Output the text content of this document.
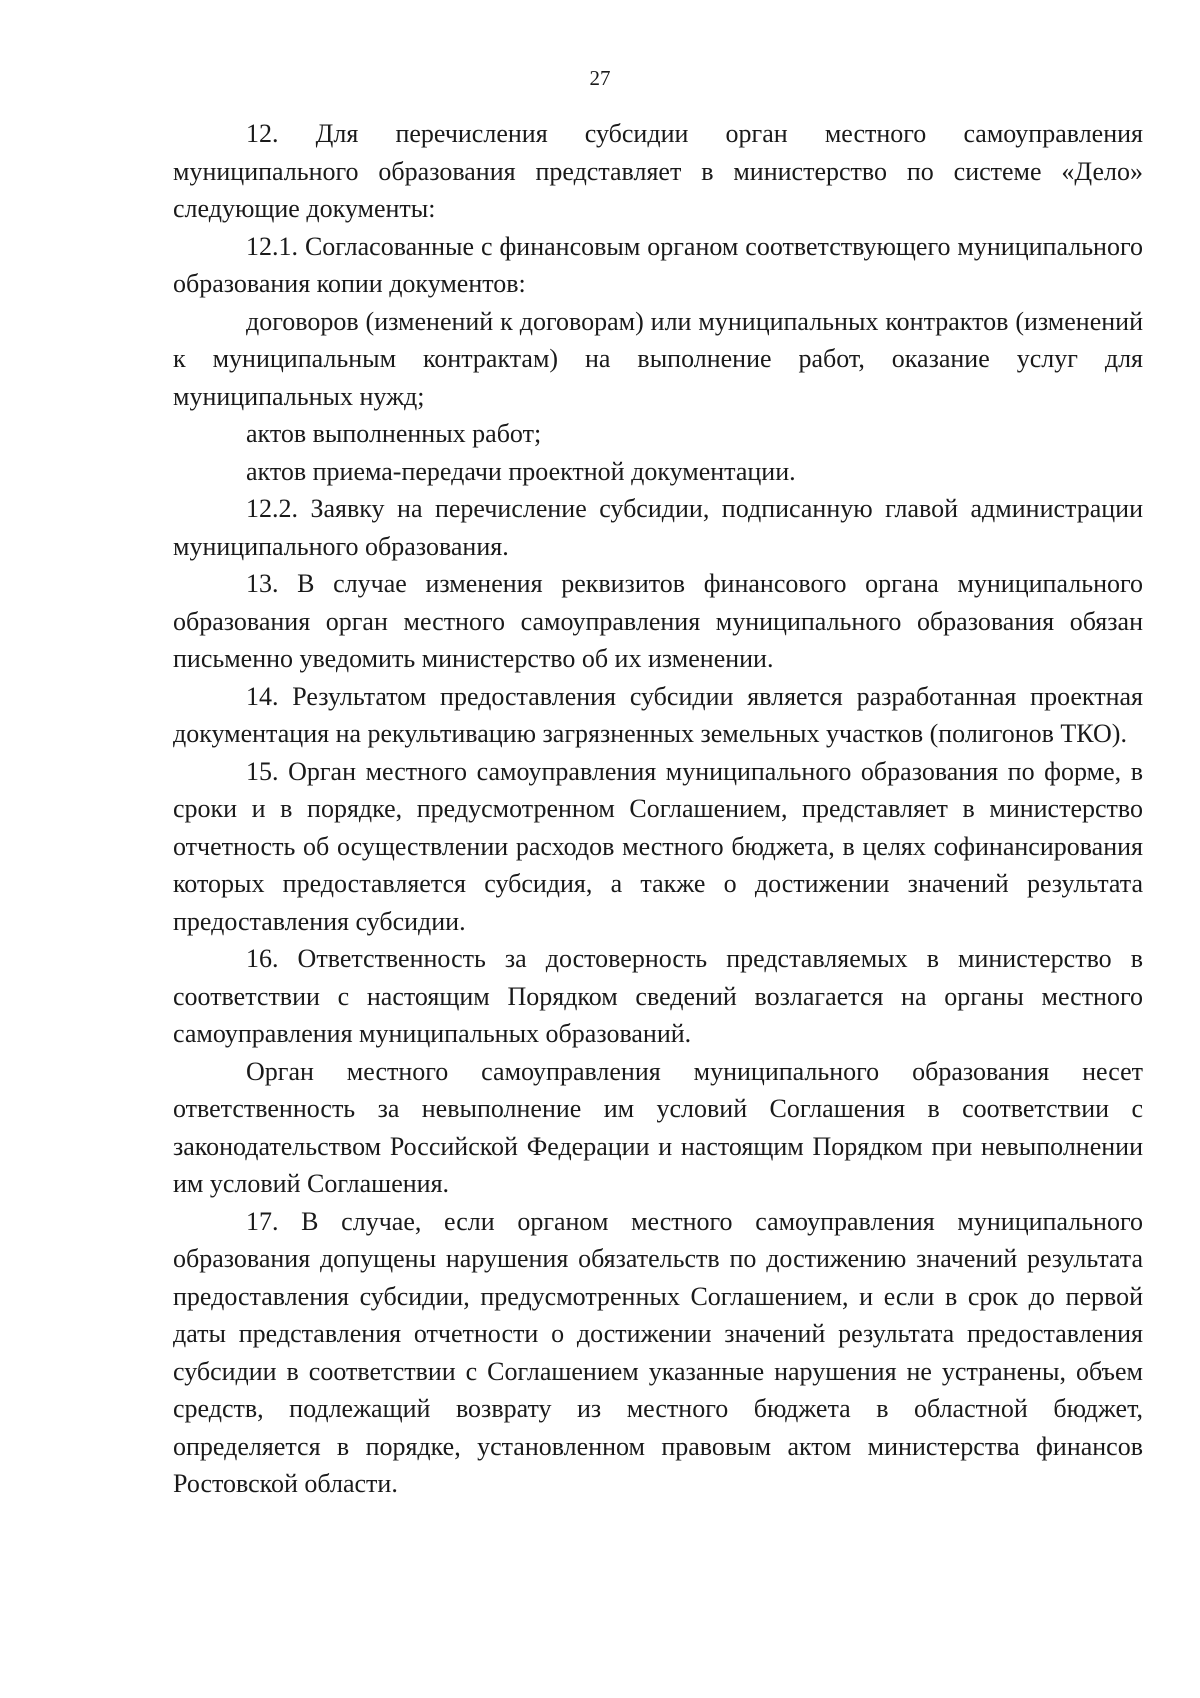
27

12. Для перечисления субсидии орган местного самоуправления муниципального образования представляет в министерство по системе «Дело» следующие документы:

12.1. Согласованные с финансовым органом соответствующего муниципального образования копии документов:

договоров (изменений к договорам) или муниципальных контрактов (изменений к муниципальным контрактам) на выполнение работ, оказание услуг для муниципальных нужд;

актов выполненных работ;

актов приема-передачи проектной документации.

12.2. Заявку на перечисление субсидии, подписанную главой администрации муниципального образования.

13. В случае изменения реквизитов финансового органа муниципального образования орган местного самоуправления муниципального образования обязан письменно уведомить министерство об их изменении.

14. Результатом предоставления субсидии является разработанная проектная документация на рекультивацию загрязненных земельных участков (полигонов ТКО).

15. Орган местного самоуправления муниципального образования по форме, в сроки и в порядке, предусмотренном Соглашением, представляет в министерство отчетность об осуществлении расходов местного бюджета, в целях софинансирования которых предоставляется субсидия, а также о достижении значений результата предоставления субсидии.

16. Ответственность за достоверность представляемых в министерство в соответствии с настоящим Порядком сведений возлагается на органы местного самоуправления муниципальных образований.

Орган местного самоуправления муниципального образования несет ответственность за невыполнение им условий Соглашения в соответствии с законодательством Российской Федерации и настоящим Порядком при невыполнении им условий Соглашения.

17. В случае, если органом местного самоуправления муниципального образования допущены нарушения обязательств по достижению значений результата предоставления субсидии, предусмотренных Соглашением, и если в срок до первой даты представления отчетности о достижении значений результата предоставления субсидии в соответствии с Соглашением указанные нарушения не устранены, объем средств, подлежащий возврату из местного бюджета в областной бюджет, определяется в порядке, установленном правовым актом министерства финансов Ростовской области.
